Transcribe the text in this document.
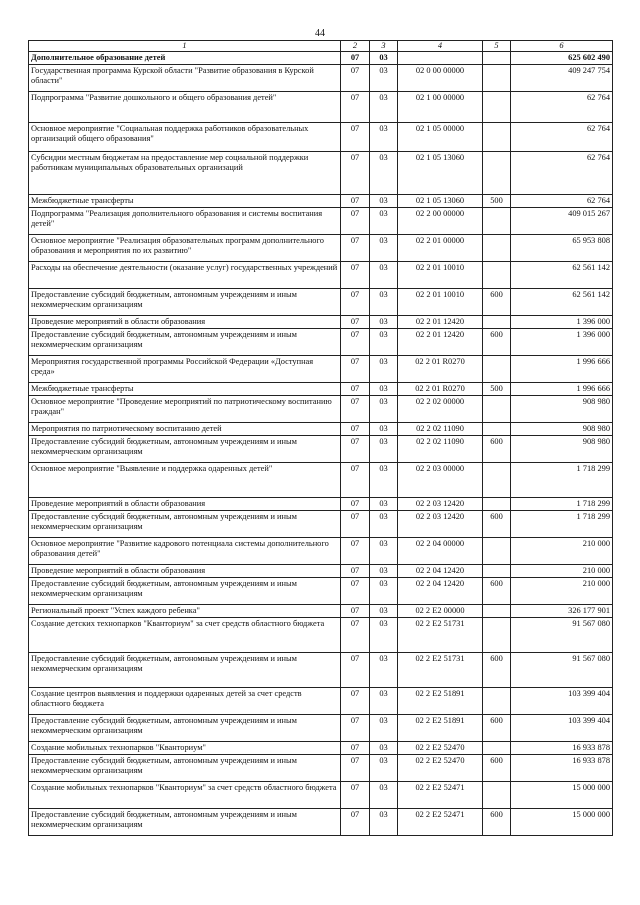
44
1	2	3	4	5	6
Дополнительное образование детей	07	03			625 602 490
Государственная программа Курской области "Развитие образования в Курской области"	07	03	02 0 00 00000		409 247 754
Подпрограмма "Развитие дошкольного и общего образования детей"	07	03	02 1 00 00000		62 764
Основное мероприятие "Социальная поддержка работников образовательных организаций общего образования"	07	03	02 1 05 00000		62 764
Субсидии местным бюджетам на предоставление мер социальной поддержки работникам муниципальных образовательных организаций	07	03	02 1 05 13060		62 764
Межбюджетные трансферты	07	03	02 1 05 13060	500	62 764
Подпрограмма "Реализация дополнительного образования и системы воспитания детей"	07	03	02 2 00 00000		409 015 267
Основное мероприятие "Реализация образовательных программ дополнительного образования и мероприятия по их развитию"	07	03	02 2 01 00000		65 953 808
Расходы на обеспечение деятельности (оказание услуг) государственных учреждений	07	03	02 2 01 10010		62 561 142
Предоставление субсидий бюджетным, автономным учреждениям и иным некоммерческим организациям	07	03	02 2 01 10010	600	62 561 142
Проведение мероприятий в области образования	07	03	02 2 01 12420		1 396 000
Предоставление субсидий бюджетным, автономным учреждениям и иным некоммерческим организациям	07	03	02 2 01 12420	600	1 396 000
Мероприятия государственной программы Российской Федерации «Доступная среда»	07	03	02 2 01 R0270		1 996 666
Межбюджетные трансферты	07	03	02 2 01 R0270	500	1 996 666
Основное мероприятие "Проведение мероприятий по патриотическому воспитанию граждан"	07	03	02 2 02 00000		908 980
Мероприятия по патриотическому воспитанию детей	07	03	02 2 02 11090		908 980
Предоставление субсидий бюджетным, автономным учреждениям и иным некоммерческим организациям	07	03	02 2 02 11090	600	908 980
Основное мероприятие "Выявление и поддержка одаренных детей"	07	03	02 2 03 00000		1 718 299
Проведение мероприятий в области образования	07	03	02 2 03 12420		1 718 299
Предоставление субсидий бюджетным, автономным учреждениям и иным некоммерческим организациям	07	03	02 2 03 12420	600	1 718 299
Основное мероприятие "Развитие кадрового потенциала системы дополнительного образования детей"	07	03	02 2 04 00000		210 000
Проведение мероприятий в области образования	07	03	02 2 04 12420		210 000
Предоставление субсидий бюджетным, автономным учреждениям и иным некоммерческим организациям	07	03	02 2 04 12420	600	210 000
Региональный проект "Успех каждого ребенка"	07	03	02 2 E2 00000		326 177 901
Создание детских технопарков "Кванториум" за счет средств областного бюджета	07	03	02 2 E2 51731		91 567 080
Предоставление субсидий бюджетным, автономным учреждениям и иным некоммерческим организациям	07	03	02 2 E2 51731	600	91 567 080
Создание центров выявления и поддержки одаренных детей за счет средств областного бюджета	07	03	02 2 E2 51891		103 399 404
Предоставление субсидий бюджетным, автономным учреждениям и иным некоммерческим организациям	07	03	02 2 E2 51891	600	103 399 404
Создание мобильных технопарков "Кванториум"	07	03	02 2 E2 52470		16 933 878
Предоставление субсидий бюджетным, автономным учреждениям и иным некоммерческим организациям	07	03	02 2 E2 52470	600	16 933 878
Создание мобильных технопарков "Кванториум" за счет средств областного бюджета	07	03	02 2 E2 52471		15 000 000
Предоставление субсидий бюджетным, автономным учреждениям и иным некоммерческим организациям	07	03	02 2 E2 52471	600	15 000 000
